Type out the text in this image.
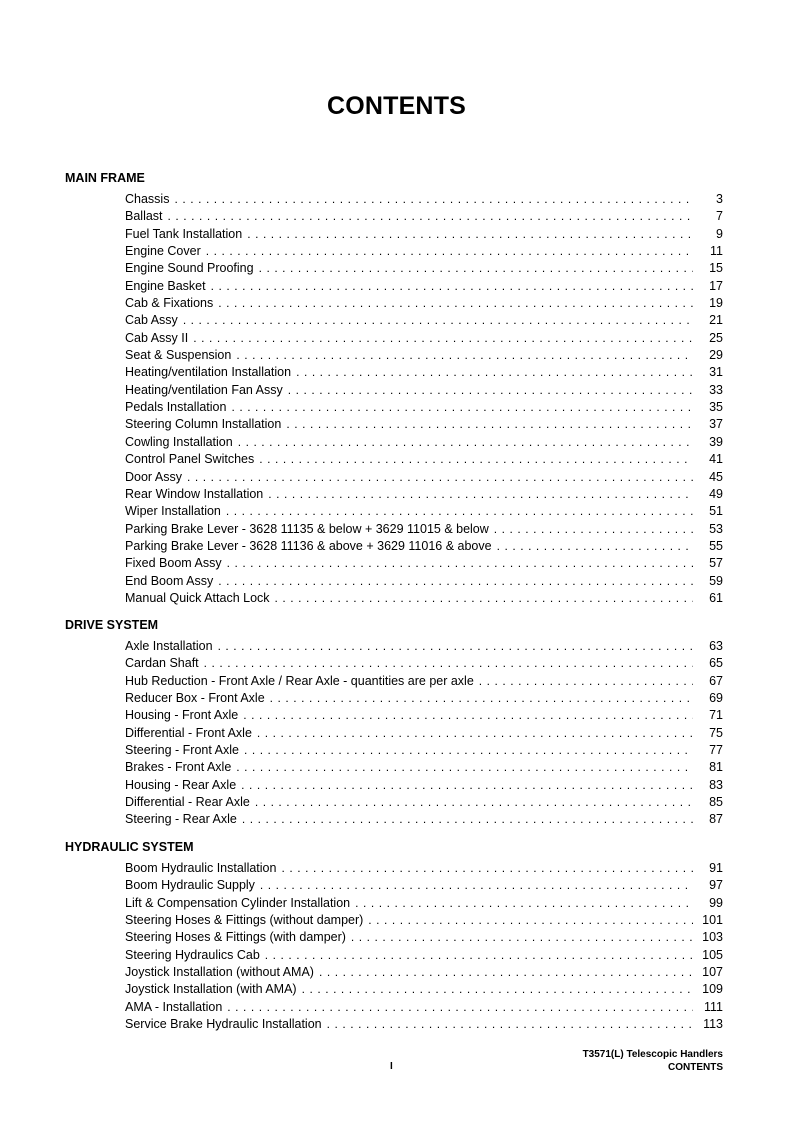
CONTENTS
MAIN FRAME
Chassis . . .	3
Ballast . . .	7
Fuel Tank Installation . . .	9
Engine Cover . . .	11
Engine Sound Proofing . . .	15
Engine Basket . . .	17
Cab & Fixations . . .	19
Cab Assy . . .	21
Cab Assy II . . .	25
Seat & Suspension . . .	29
Heating/ventilation Installation . . .	31
Heating/ventilation Fan Assy . . .	33
Pedals Installation . . .	35
Steering Column Installation . . .	37
Cowling Installation . . .	39
Control Panel Switches . . .	41
Door Assy . . .	45
Rear Window Installation . . .	49
Wiper Installation . . .	51
Parking Brake Lever - 3628 11135 & below + 3629 11015 & below . . .	53
Parking Brake Lever - 3628 11136 & above + 3629 11016 & above . . .	55
Fixed Boom Assy . . .	57
End Boom Assy . . .	59
Manual Quick Attach Lock . . .	61
DRIVE SYSTEM
Axle Installation . . .	63
Cardan Shaft . . .	65
Hub Reduction - Front Axle / Rear Axle - quantities are per axle . . .	67
Reducer Box - Front Axle . . .	69
Housing - Front Axle . . .	71
Differential - Front Axle . . .	75
Steering - Front Axle . . .	77
Brakes - Front Axle . . .	81
Housing - Rear Axle . . .	83
Differential - Rear Axle . . .	85
Steering - Rear Axle . . .	87
HYDRAULIC SYSTEM
Boom Hydraulic Installation . . .	91
Boom Hydraulic Supply . . .	97
Lift & Compensation Cylinder Installation . . .	99
Steering Hoses & Fittings (without damper) . . .	101
Steering Hoses & Fittings (with damper) . . .	103
Steering Hydraulics Cab . . .	105
Joystick Installation (without AMA) . . .	107
Joystick Installation (with AMA) . . .	109
AMA - Installation . . .	111
Service Brake Hydraulic Installation . . .	113
T3571(L) Telescopic Handlers
CONTENTS
I
